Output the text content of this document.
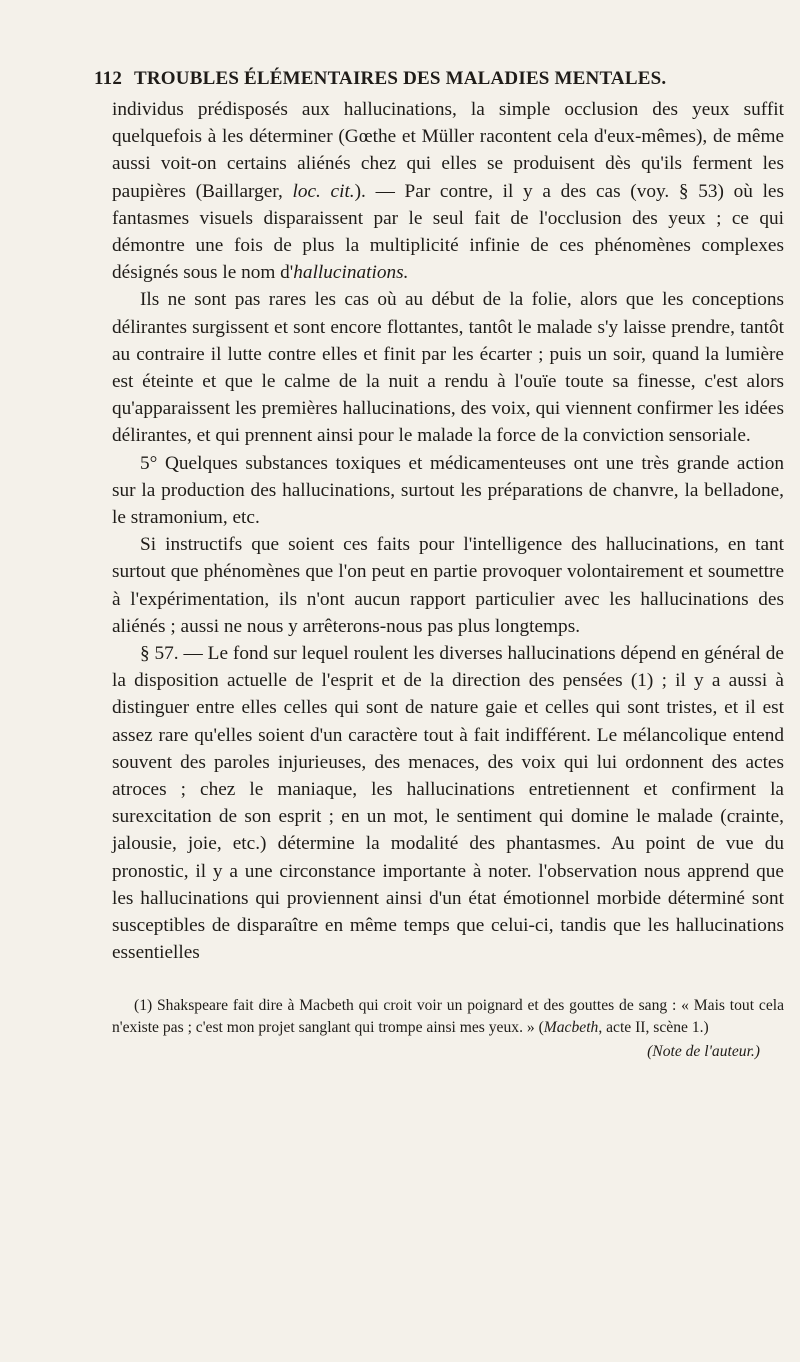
112 TROUBLES ÉLÉMENTAIRES DES MALADIES MENTALES.

individus prédisposés aux hallucinations, la simple occlusion des yeux suffit quelquefois à les déterminer (Gœthe et Müller racontent cela d'eux-mêmes), de même aussi voit-on certains aliénés chez qui elles se produisent dès qu'ils ferment les paupières (Baillarger, loc. cit.). — Par contre, il y a des cas (voy. § 53) où les fantasmes visuels disparaissent par le seul fait de l'occlusion des yeux ; ce qui démontre une fois de plus la multiplicité infinie de ces phénomènes complexes désignés sous le nom d'hallucinations.

Ils ne sont pas rares les cas où au début de la folie, alors que les conceptions délirantes surgissent et sont encore flottantes, tantôt le malade s'y laisse prendre, tantôt au contraire il lutte contre elles et finit par les écarter ; puis un soir, quand la lumière est éteinte et que le calme de la nuit a rendu à l'ouïe toute sa finesse, c'est alors qu'apparaissent les premières hallucinations, des voix, qui viennent confirmer les idées délirantes, et qui prennent ainsi pour le malade la force de la conviction sensoriale.

5° Quelques substances toxiques et médicamenteuses ont une très grande action sur la production des hallucinations, surtout les préparations de chanvre, la belladone, le stramonium, etc.

Si instructifs que soient ces faits pour l'intelligence des hallucinations, en tant surtout que phénomènes que l'on peut en partie provoquer volontairement et soumettre à l'expérimentation, ils n'ont aucun rapport particulier avec les hallucinations des aliénés ; aussi ne nous y arrêterons-nous pas plus longtemps.

§ 57. — Le fond sur lequel roulent les diverses hallucinations dépend en général de la disposition actuelle de l'esprit et de la direction des pensées (1) ; il y a aussi à distinguer entre elles celles qui sont de nature gaie et celles qui sont tristes, et il est assez rare qu'elles soient d'un caractère tout à fait indifférent. Le mélancolique entend souvent des paroles injurieuses, des menaces, des voix qui lui ordonnent des actes atroces ; chez le maniaque, les hallucinations entretiennent et confirment la surexcitation de son esprit ; en un mot, le sentiment qui domine le malade (crainte, jalousie, joie, etc.) détermine la modalité des phantasmes. Au point de vue du pronostic, il y a une circonstance importante à noter. l'observation nous apprend que les hallucinations qui proviennent ainsi d'un état émotionnel morbide déterminé sont susceptibles de disparaître en même temps que celui-ci, tandis que les hallucinations essentielles

(1) Shakspeare fait dire à Macbeth qui croit voir un poignard et des gouttes de sang : « Mais tout cela n'existe pas ; c'est mon projet sanglant qui trompe ainsi mes yeux. » (Macbeth, acte II, scène 1.)

(Note de l'auteur.)
